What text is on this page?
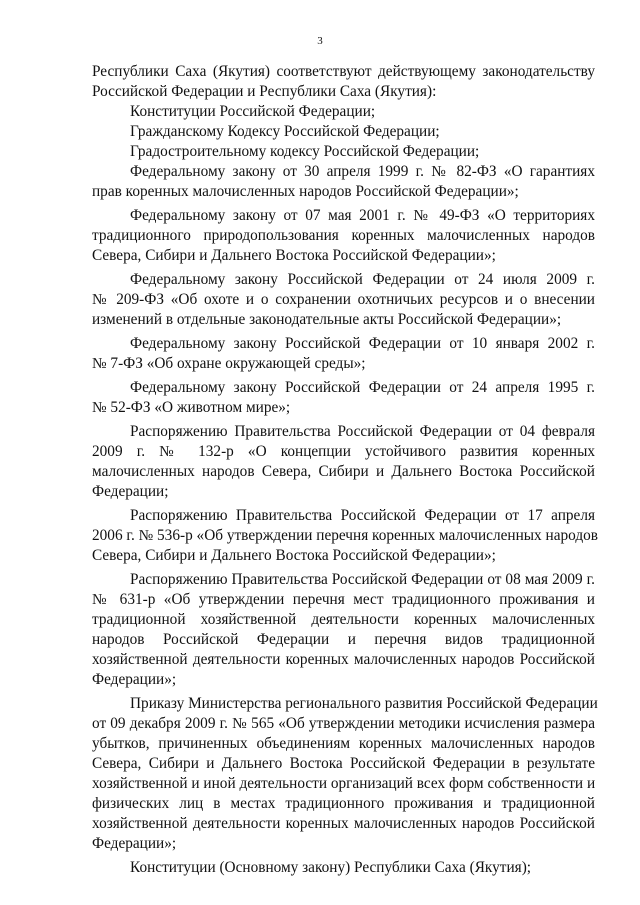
3
Республики Саха (Якутия) соответствуют действующему законодательству
Российской Федерации и Республики Саха (Якутия):
Конституции Российской Федерации;
Гражданскому Кодексу Российской Федерации;
Градостроительному кодексу Российской Федерации;
Федеральному закону от 30 апреля 1999 г. № 82-ФЗ «О гарантиях
прав коренных малочисленных народов Российской Федерации»;
Федеральному закону от 07 мая 2001 г. № 49-ФЗ «О территориях
традиционного природопользования коренных малочисленных народов
Севера, Сибири и Дальнего Востока Российской Федерации»;
Федеральному закону Российской Федерации от 24 июля 2009 г.
№ 209-ФЗ «Об охоте и о сохранении охотничьих ресурсов и о внесении
изменений в отдельные законодательные акты Российской Федерации»;
Федеральному закону Российской Федерации от 10 января 2002 г.
№ 7-ФЗ «Об охране окружающей среды»;
Федеральному закону Российской Федерации от 24 апреля 1995 г.
№ 52-ФЗ «О животном мире»;
Распоряжению Правительства Российской Федерации от 04 февраля
2009 г. № 132-р «О концепции устойчивого развития коренных
малочисленных народов Севера, Сибири и Дальнего Востока Российской
Федерации;
Распоряжению Правительства Российской Федерации от 17 апреля
2006 г. № 536-р «Об утверждении перечня коренных малочисленных народов
Севера, Сибири и Дальнего Востока Российской Федерации»;
Распоряжению Правительства Российской Федерации от 08 мая 2009 г.
№ 631-р «Об утверждении перечня мест традиционного проживания и
традиционной хозяйственной деятельности коренных малочисленных
народов Российской Федерации и перечня видов традиционной
хозяйственной деятельности коренных малочисленных народов Российской
Федерации»;
Приказу Министерства регионального развития Российской Федерации
от 09 декабря 2009 г. № 565 «Об утверждении методики исчисления размера
убытков, причиненных объединениям коренных малочисленных народов
Севера, Сибири и Дальнего Востока Российской Федерации в результате
хозяйственной и иной деятельности организаций всех форм собственности и
физических лиц в местах традиционного проживания и традиционной
хозяйственной деятельности коренных малочисленных народов Российской
Федерации»;
Конституции (Основному закону) Республики Саха (Якутия);
